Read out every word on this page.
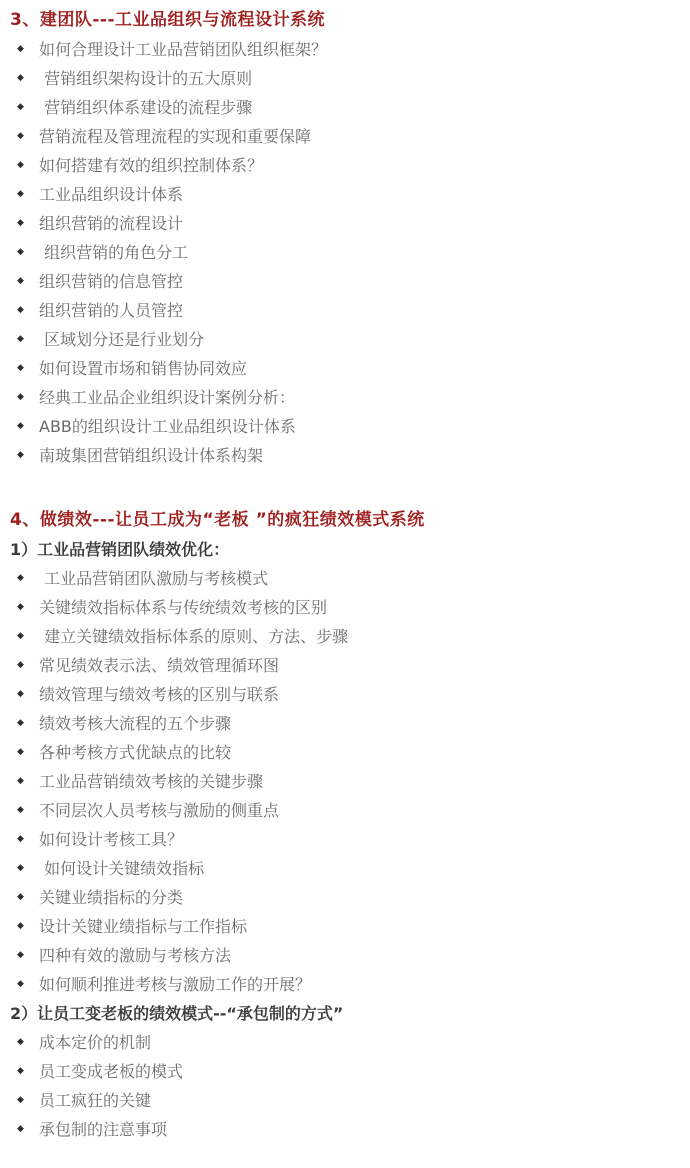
3、建团队---工业品组织与流程设计系统
◆ 如何合理设计工业品营销团队组织框架？
◆ 营销组织架构设计的五大原则
◆ 营销组织体系建设的流程步骤
◆ 营销流程及管理流程的实现和重要保障
◆ 如何搭建有效的组织控制体系？
◆ 工业品组织设计体系
◆ 组织营销的流程设计
◆ 组织营销的角色分工
◆ 组织营销的信息管控
◆ 组织营销的人员管控
◆ 区域划分还是行业划分
◆ 如何设置市场和销售协同效应
◆ 经典工业品企业组织设计案例分析：
◆ ABB的组织设计工业品组织设计体系
◆ 南玻集团营销组织设计体系构架
4、做绩效---让员工成为“老板 ”的疯狂绩效模式系统
1）工业品营销团队绩效优化：
◆ 工业品营销团队激励与考核模式
◆ 关键绩效指标体系与传统绩效考核的区别
◆ 建立关键绩效指标体系的原则、方法、步骤
◆ 常见绩效表示法、绩效管理循环图
◆ 绩效管理与绩效考核的区别与联系
◆ 绩效考核大流程的五个步骤
◆ 各种考核方式优缺点的比较
◆ 工业品营销绩效考核的关键步骤
◆ 不同层次人员考核与激励的侧重点
◆ 如何设计考核工具？
◆ 如何设计关键绩效指标
◆ 关键业绩指标的分类
◆ 设计关键业绩指标与工作指标
◆ 四种有效的激励与考核方法
◆ 如何顺利推进考核与激励工作的开展？
2）让员工变老板的绩效模式--“承包制的方式”
◆ 成本定价的机制
◆ 员工变成老板的模式
◆ 员工疯狂的关键
◆ 承包制的注意事项
